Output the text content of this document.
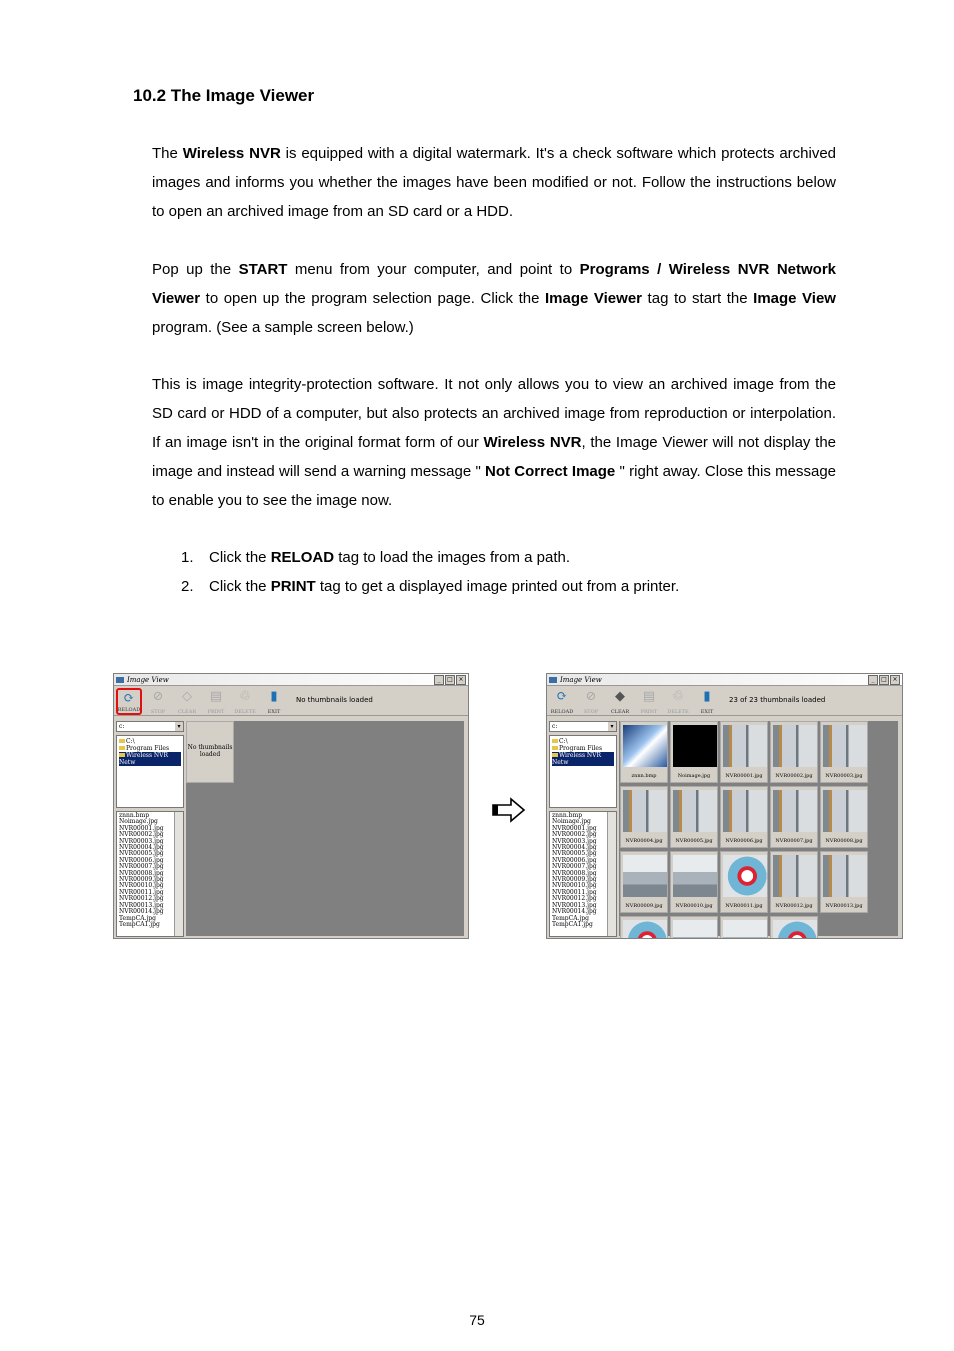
10.2 The Image Viewer

The Wireless NVR is equipped with a digital watermark. It's a check software which protects archived images and informs you whether the images have been modified or not. Follow the instructions below to open an archived image from an SD card or a HDD.

Pop up the START menu from your computer, and point to Programs / Wireless NVR Network Viewer to open up the program selection page. Click the Image Viewer tag to start the Image View program. (See a sample screen below.)

This is image integrity-protection software. It not only allows you to view an archived image from the SD card or HDD of a computer, but also protects an archived image from reproduction or interpolation. If an image isn't in the original format form of our Wireless NVR, the Image Viewer will not display the image and instead will send a warning message " Not Correct Image " right away. Close this message to enable you to see the image now.

1. Click the RELOAD tag to load the images from a path.
2. Click the PRINT tag to get a displayed image printed out from a printer.
Image View	_	□ ×
⟳
RELOAD
⊘
STOP
◇
CLEAR
▤
PRINT
♲
DELETE
▮
EXIT
No thumbnails loaded
c:	▾
C:\
Program Files
Wireless NVR Netw
znnn.bmp
Noimage.jpg
NVR00001.jpg
NVR00002.jpg
NVR00003.jpg
NVR00004.jpg
NVR00005.jpg
NVR00006.jpg
NVR00007.jpg
NVR00008.jpg
NVR00009.jpg
NVR00010.jpg
NVR00011.jpg
NVR00012.jpg
NVR00013.jpg
NVR00014.jpg
TempCA.jpg
TempCA1.jpg
No thumbnails loaded
Image View	_	□ ×
⟳
RELOAD
⊘
STOP
◆
CLEAR
▤
PRINT
♲
DELETE
▮
EXIT
23 of 23 thumbnails loaded
c:	▾
C:\
Program Files
Wireless NVR Netw
znnn.bmp
Noimage.jpg
NVR00001.jpg
NVR00002.jpg
NVR00003.jpg
NVR00004.jpg
NVR00005.jpg
NVR00006.jpg
NVR00007.jpg
NVR00008.jpg
NVR00009.jpg
NVR00010.jpg
NVR00011.jpg
NVR00012.jpg
NVR00013.jpg
NVR00014.jpg
TempCA.jpg
TempCA1.jpg
znnn.bmp	Noimage.jpg	NVR00001.jpg	NVR00002.jpg	NVR00003.jpg
NVR00004.jpg	NVR00005.jpg	NVR00006.jpg	NVR00007.jpg	NVR00008.jpg
NVR00009.jpg	NVR00010.jpg	NVR00011.jpg	NVR00012.jpg	NVR00013.jpg
75
